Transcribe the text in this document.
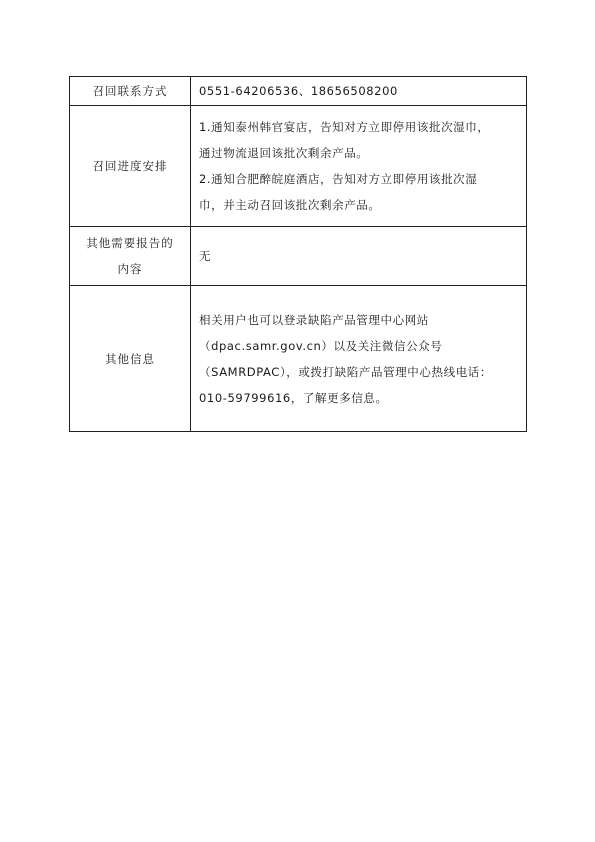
召回联系方式	0551-64206536、18656508200
召回进度安排	1.通知泰州韩官宴店，告知对方立即停用该批次湿巾，
通过物流退回该批次剩余产品。
2.通知合肥醉皖庭酒店，告知对方立即停用该批次湿
巾，并主动召回该批次剩余产品。

其他需要报告的
内容	无
其他信息	相关用户也可以登录缺陷产品管理中心网站
（dpac.samr.gov.cn）以及关注微信公众号
（SAMRDPAC），或拨打缺陷产品管理中心热线电话：
010-59799616，了解更多信息。
